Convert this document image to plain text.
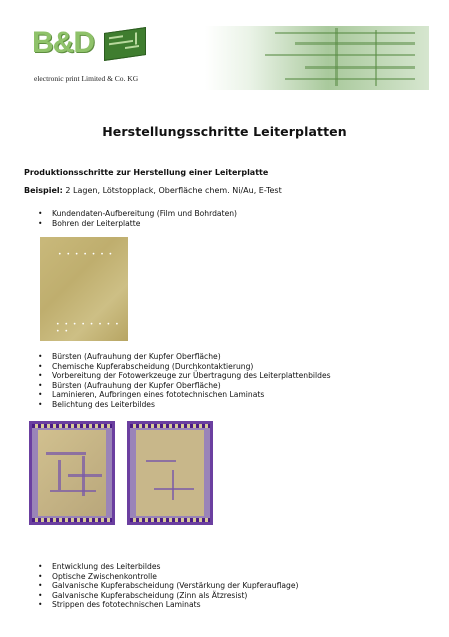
B&D
electronic print Limited & Co. KG
Herstellungsschritte Leiterplatten
Produktionsschritte zur Herstellung einer Leiterplatte
Beispiel: 2 Lagen, Lötstopplack, Oberfläche chem. Ni/Au, E-Test
• Kundendaten-Aufbereitung (Film und Bohrdaten)
• Bohren der Leiterplatte
• • • • • • •
• • • • • • • • • •
• Bürsten (Aufrauhung der Kupfer Oberfläche)
• Chemische Kupferabscheidung (Durchkontaktierung)
• Vorbereitung der Fotowerkzeuge zur Übertragung des Leiterplattenbildes
• Bürsten (Aufrauhung der Kupfer Oberfläche)
• Laminieren, Aufbringen eines fototechnischen Laminats
• Belichtung des Leiterbildes
• Entwicklung des Leiterbildes
• Optische Zwischenkontrolle
• Galvanische Kupferabscheidung (Verstärkung der Kupferauflage)
• Galvanische Kupferabscheidung (Zinn als Ätzresist)
• Strippen des fototechnischen Laminats
